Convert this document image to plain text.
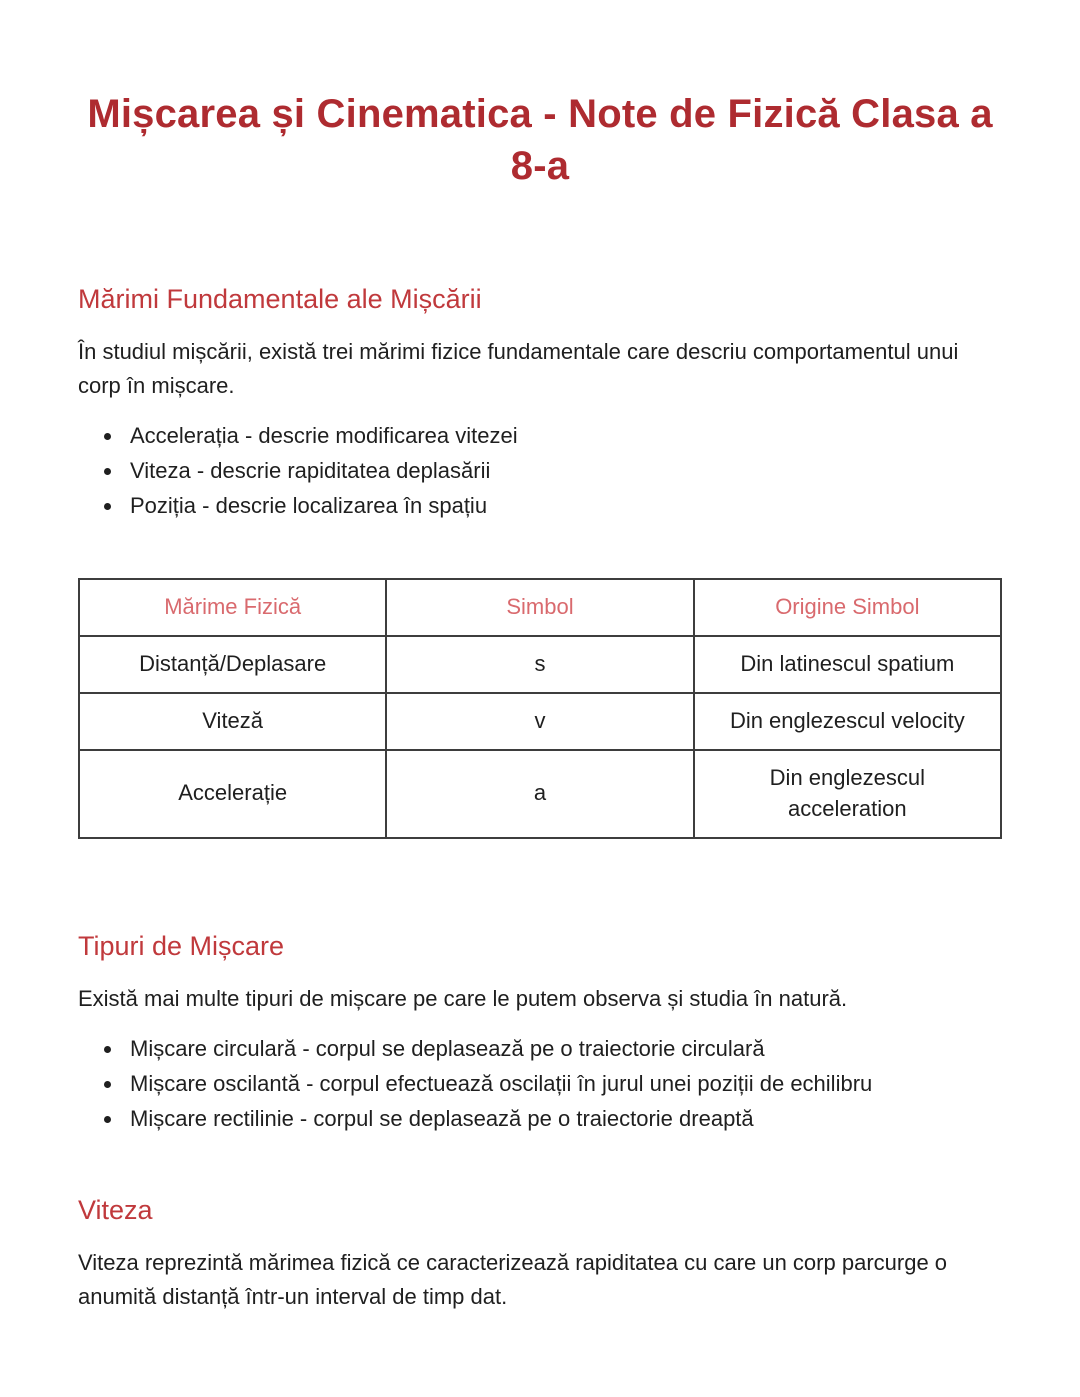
Mișcarea și Cinematica - Note de Fizică Clasa a 8-a
Mărimi Fundamentale ale Mișcării

În studiul mișcării, există trei mărimi fizice fundamentale care descriu comportamentul unui corp în mișcare.

• Accelerația - descrie modificarea vitezei
• Viteza - descrie rapiditatea deplasării
• Poziția - descrie localizarea în spațiu
Mărime Fizică	Simbol	Origine Simbol
Distanță/Deplasare	s	Din latinescul spatium
Viteză	v	Din englezescul velocity
Accelerație	a	Din englezescul acceleration
Tipuri de Mișcare

Există mai multe tipuri de mișcare pe care le putem observa și studia în natură.

• Mișcare circulară - corpul se deplasează pe o traiectorie circulară
• Mișcare oscilantă - corpul efectuează oscilații în jurul unei poziții de echilibru
• Mișcare rectilinie - corpul se deplasează pe o traiectorie dreaptă
Viteza

Viteza reprezintă mărimea fizică ce caracterizează rapiditatea cu care un corp parcurge o anumită distanță într-un interval de timp dat.
